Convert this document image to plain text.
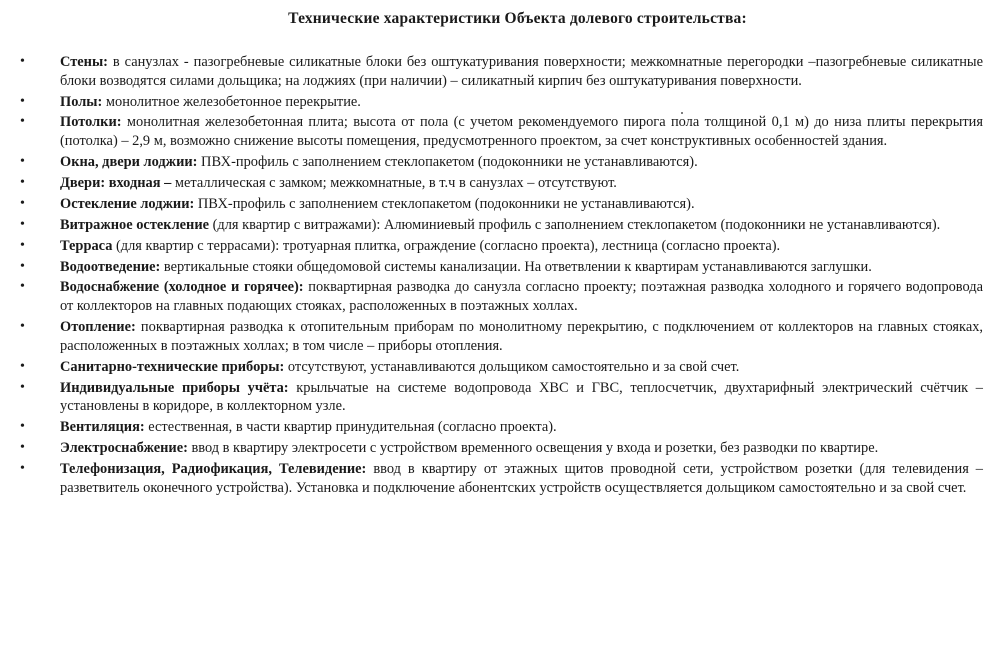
Технические характеристики Объекта долевого строительства:
• Стены: в санузлах - пазогребневые силикатные блоки без оштукатуривания поверхности; межкомнатные перегородки –пазогребневые силикатные блоки возводятся силами дольщика; на лоджиях (при наличии) – силикатный кирпич без оштукатуривания поверхности.
• Полы: монолитное железобетонное перекрытие.
• Потолки: монолитная железобетонная плита; высота от пола (с учетом рекомендуемого пирога пола толщиной 0,1 м) до низа плиты перекрытия (потолка) – 2,9 м, возможно снижение высоты помещения, предусмотренного проектом, за счет конструктивных особенностей здания.
• Окна, двери лоджии: ПВХ-профиль с заполнением стеклопакетом (подоконники не устанавливаются).
• Двери: входная – металлическая с замком; межкомнатные, в т.ч в санузлах – отсутствуют.
• Остекление лоджии: ПВХ-профиль с заполнением стеклопакетом (подоконники не устанавливаются).
• Витражное остекление (для квартир с витражами): Алюминиевый профиль с заполнением стеклопакетом (подоконники не устанавливаются).
• Терраса (для квартир с террасами): тротуарная плитка, ограждение (согласно проекта), лестница (согласно проекта).
• Водоотведение: вертикальные стояки общедомовой системы канализации. На ответвлении к квартирам устанавливаются заглушки.
• Водоснабжение (холодное и горячее): поквартирная разводка до санузла согласно проекту; поэтажная разводка холодного и горячего водопровода от коллекторов на главных подающих стояках, расположенных в поэтажных холлах.
• Отопление: поквартирная разводка к отопительным приборам по монолитному перекрытию, с подключением от коллекторов на главных стояках, расположенных в поэтажных холлах; в том числе – приборы отопления.
• Санитарно-технические приборы: отсутствуют, устанавливаются дольщиком самостоятельно и за свой счет.
• Индивидуальные приборы учёта: крыльчатые на системе водопровода ХВС и ГВС, теплосчетчик, двухтарифный электрический счётчик – установлены в коридоре, в коллекторном узле.
• Вентиляция: естественная, в части квартир принудительная (согласно проекта).
• Электроснабжение: ввод в квартиру электросети с устройством временного освещения у входа и розетки, без разводки по квартире.
• Телефонизация, Радиофикация, Телевидение: ввод в квартиру от этажных щитов проводной сети, устройством розетки (для телевидения – разветвитель оконечного устройства). Установка и подключение абонентских устройств осуществляется дольщиком самостоятельно и за свой счет.
